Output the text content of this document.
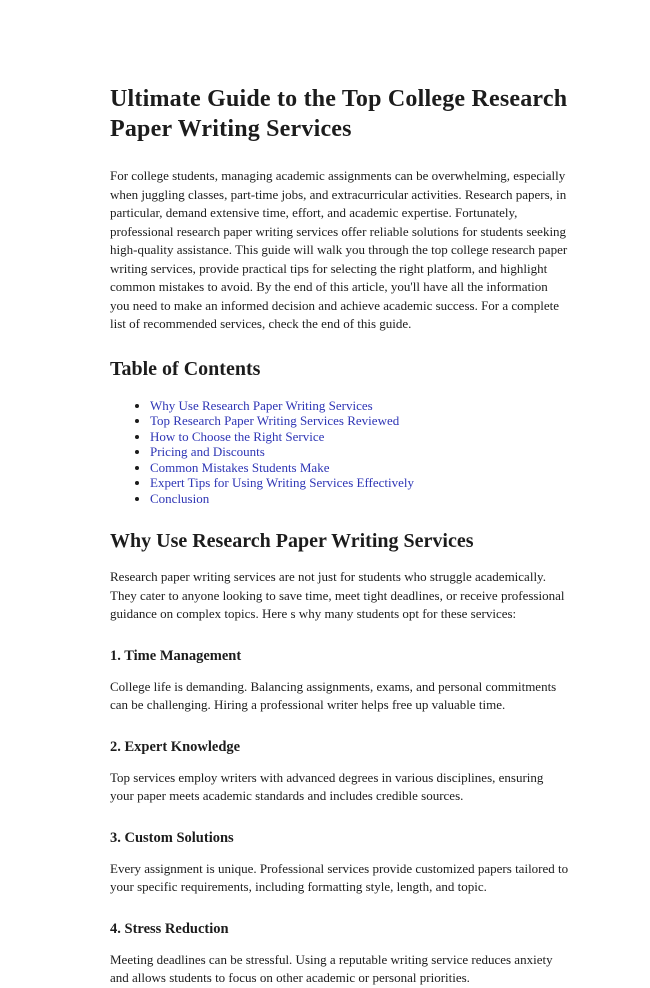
Ultimate Guide to the Top College Research Paper Writing Services

For college students, managing academic assignments can be overwhelming, especially when juggling classes, part-time jobs, and extracurricular activities. Research papers, in particular, demand extensive time, effort, and academic expertise. Fortunately, professional research paper writing services offer reliable solutions for students seeking high-quality assistance. This guide will walk you through the top college research paper writing services, provide practical tips for selecting the right platform, and highlight common mistakes to avoid. By the end of this article, you'll have all the information you need to make an informed decision and achieve academic success. For a complete list of recommended services, check the end of this guide.

Table of Contents
• Why Use Research Paper Writing Services
• Top Research Paper Writing Services Reviewed
• How to Choose the Right Service
• Pricing and Discounts
• Common Mistakes Students Make
• Expert Tips for Using Writing Services Effectively
• Conclusion
Why Use Research Paper Writing Services

Research paper writing services are not just for students who struggle academically. They cater to anyone looking to save time, meet tight deadlines, or receive professional guidance on complex topics. Here s why many students opt for these services:

1. Time Management

College life is demanding. Balancing assignments, exams, and personal commitments can be challenging. Hiring a professional writer helps free up valuable time.

2. Expert Knowledge

Top services employ writers with advanced degrees in various disciplines, ensuring your paper meets academic standards and includes credible sources.

3. Custom Solutions

Every assignment is unique. Professional services provide customized papers tailored to your specific requirements, including formatting style, length, and topic.

4. Stress Reduction

Meeting deadlines can be stressful. Using a reputable writing service reduces anxiety and allows students to focus on other academic or personal priorities.
